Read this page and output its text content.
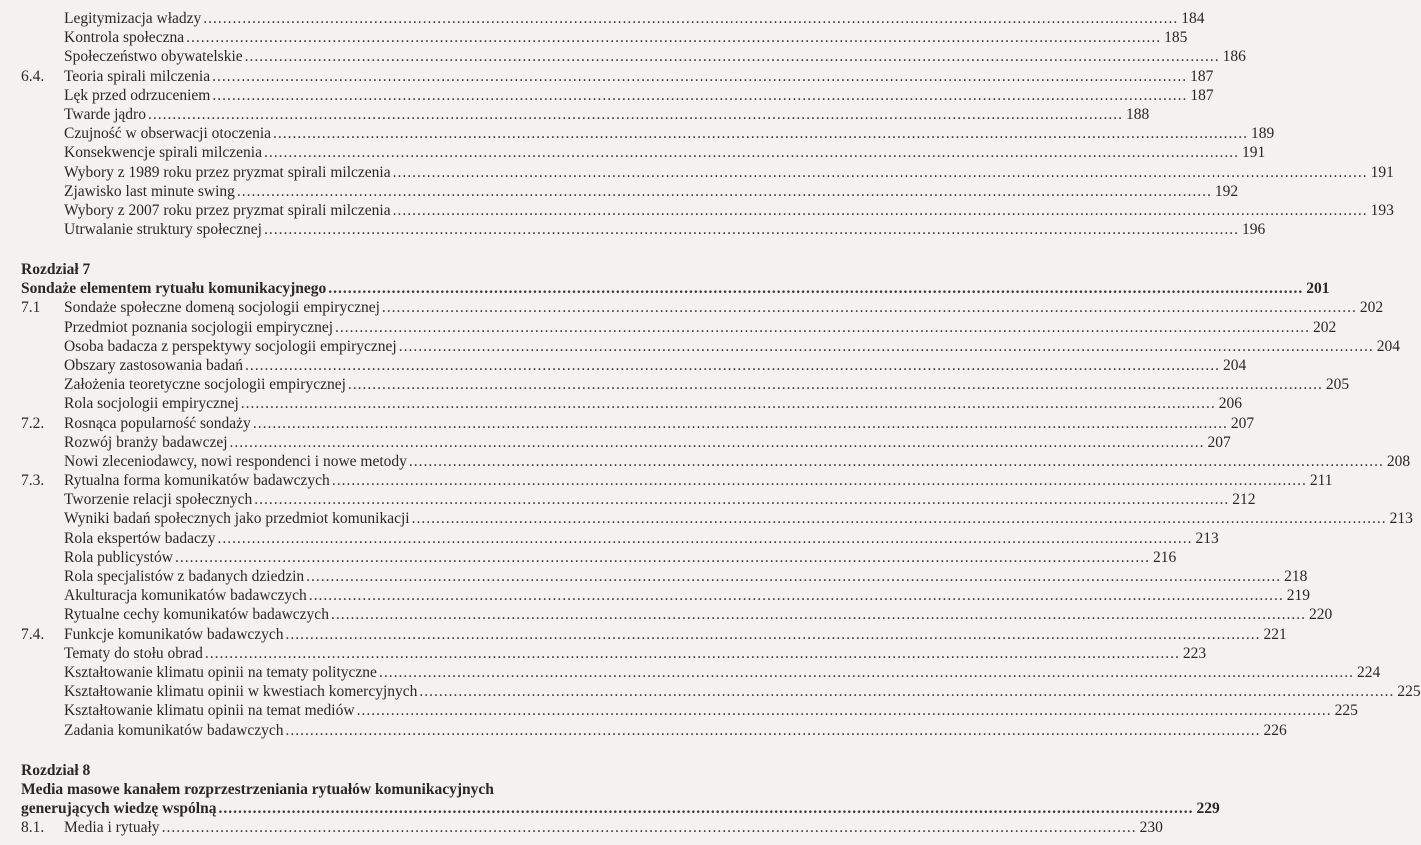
Legitymizacja władzy ........................................................................................................................................................................................................ 184
Kontrola społeczna ........................................................................................................................................................................................................ 185
Społeczeństwo obywatelskie ........................................................................................................................................................................................................ 186
6.4. Teoria spirali milczenia ........................................................................................................................................................................................................ 187
Lęk przed odrzuceniem ........................................................................................................................................................................................................ 187
Twarde jądro ........................................................................................................................................................................................................ 188
Czujność w obserwacji otoczenia ........................................................................................................................................................................................................ 189
Konsekwencje spirali milczenia ........................................................................................................................................................................................................ 191
Wybory z 1989 roku przez pryzmat spirali milczenia ........................................................................................................................................................................................................ 191
Zjawisko last minute swing ........................................................................................................................................................................................................ 192
Wybory z 2007 roku przez pryzmat spirali milczenia ........................................................................................................................................................................................................ 193
Utrwalanie struktury społecznej ........................................................................................................................................................................................................ 196
Rozdział 7
Sondaże elementem rytuału komunikacyjnego ........................................................................................................................................................................................................ 201
7.1 Sondaże społeczne domeną socjologii empirycznej ........................................................................................................................................................................................................ 202
Przedmiot poznania socjologii empirycznej ........................................................................................................................................................................................................ 202
Osoba badacza z perspektywy socjologii empirycznej ........................................................................................................................................................................................................ 204
Obszary zastosowania badań ........................................................................................................................................................................................................ 204
Założenia teoretyczne socjologii empirycznej ........................................................................................................................................................................................................ 205
Rola socjologii empirycznej ........................................................................................................................................................................................................ 206
7.2. Rosnąca popularność sondaży ........................................................................................................................................................................................................ 207
Rozwój branży badawczej ........................................................................................................................................................................................................ 207
Nowi zleceniodawcy, nowi respondenci i nowe metody ........................................................................................................................................................................................................ 208
7.3. Rytualna forma komunikatów badawczych ........................................................................................................................................................................................................ 211
Tworzenie relacji społecznych ........................................................................................................................................................................................................ 212
Wyniki badań społecznych jako przedmiot komunikacji ........................................................................................................................................................................................................ 213
Rola ekspertów badaczy ........................................................................................................................................................................................................ 213
Rola publicystów ........................................................................................................................................................................................................ 216
Rola specjalistów z badanych dziedzin ........................................................................................................................................................................................................ 218
Akulturacja komunikatów badawczych ........................................................................................................................................................................................................ 219
Rytualne cechy komunikatów badawczych ........................................................................................................................................................................................................ 220
7.4. Funkcje komunikatów badawczych ........................................................................................................................................................................................................ 221
Tematy do stołu obrad ........................................................................................................................................................................................................ 223
Kształtowanie klimatu opinii na tematy polityczne ........................................................................................................................................................................................................ 224
Kształtowanie klimatu opinii w kwestiach komercyjnych ........................................................................................................................................................................................................ 225
Kształtowanie klimatu opinii na temat mediów ........................................................................................................................................................................................................ 225
Zadania komunikatów badawczych ........................................................................................................................................................................................................ 226
Rozdział 8
Media masowe kanałem rozprzestrzeniania rytuałów komunikacyjnych
generujących wiedzę wspólną ........................................................................................................................................................................................................ 229
8.1. Media i rytuały ........................................................................................................................................................................................................ 230
